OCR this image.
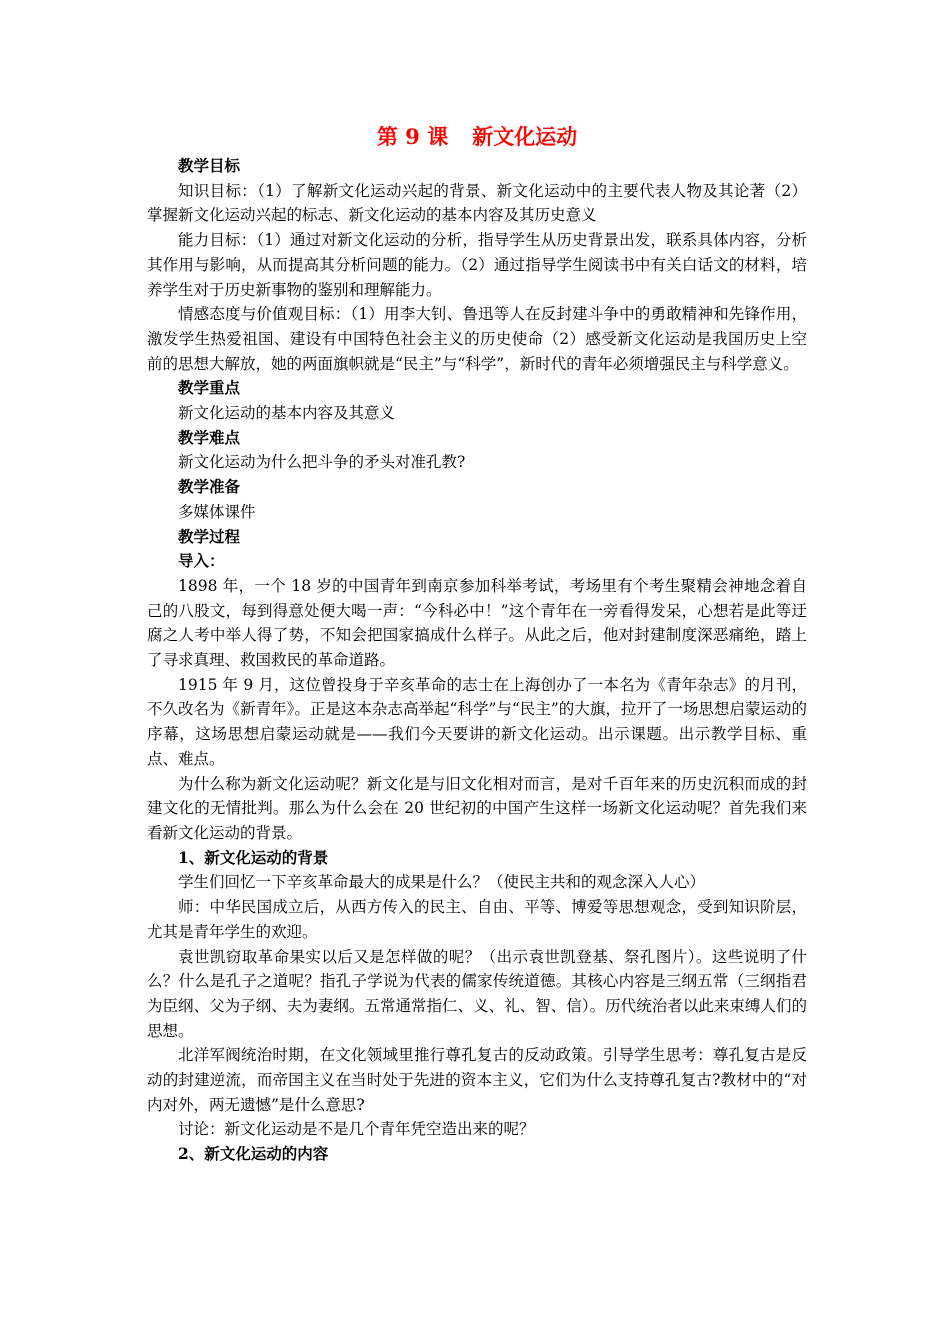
第 9 课 新文化运动

教学目标

知识目标：（1）了解新文化运动兴起的背景、新文化运动中的主要代表人物及其论著（2）掌握新文化运动兴起的标志、新文化运动的基本内容及其历史意义

能力目标：（1）通过对新文化运动的分析，指导学生从历史背景出发，联系具体内容，分析其作用与影响，从而提高其分析问题的能力。（2）通过指导学生阅读书中有关白话文的材料，培养学生对于历史新事物的鉴别和理解能力。

情感态度与价值观目标：（1）用李大钊、鲁迅等人在反封建斗争中的勇敢精神和先锋作用，激发学生热爱祖国、建设有中国特色社会主义的历史使命（2）感受新文化运动是我国历史上空前的思想大解放，她的两面旗帜就是“民主”与“科学”，新时代的青年必须增强民主与科学意义。

教学重点

新文化运动的基本内容及其意义

教学难点

新文化运动为什么把斗争的矛头对准孔教?

教学准备

多媒体课件

教学过程

导入：

1898 年，一个 18 岁的中国青年到南京参加科举考试，考场里有个考生聚精会神地念着自己的八股文，每到得意处便大喝一声：“今科必中！”这个青年在一旁看得发呆，心想若是此等迂腐之人考中举人得了势，不知会把国家搞成什么样子。从此之后，他对封建制度深恶痛绝，踏上了寻求真理、救国救民的革命道路。

1915 年 9 月，这位曾投身于辛亥革命的志士在上海创办了一本名为《青年杂志》的月刊，不久改名为《新青年》。正是这本杂志高举起“科学”与“民主”的大旗，拉开了一场思想启蒙运动的序幕，这场思想启蒙运动就是——我们今天要讲的新文化运动。出示课题。出示教学目标、重点、难点。

为什么称为新文化运动呢？新文化是与旧文化相对而言，是对千百年来的历史沉积而成的封建文化的无情批判。那么为什么会在 20 世纪初的中国产生这样一场新文化运动呢？首先我们来看新文化运动的背景。

1、新文化运动的背景

学生们回忆一下辛亥革命最大的成果是什么？（使民主共和的观念深入人心）

师：中华民国成立后，从西方传入的民主、自由、平等、博爱等思想观念，受到知识阶层，尤其是青年学生的欢迎。

袁世凯窃取革命果实以后又是怎样做的呢？（出示袁世凯登基、祭孔图片）。这些说明了什么？什么是孔子之道呢？指孔子学说为代表的儒家传统道德。其核心内容是三纲五常（三纲指君为臣纲、父为子纲、夫为妻纲。五常通常指仁、义、礼、智、信）。历代统治者以此来束缚人们的思想。

北洋军阀统治时期，在文化领域里推行尊孔复古的反动政策。引导学生思考：尊孔复古是反动的封建逆流，而帝国主义在当时处于先进的资本主义，它们为什么支持尊孔复古?教材中的“对内对外，两无遗憾”是什么意思?

讨论：新文化运动是不是几个青年凭空造出来的呢？

2、新文化运动的内容
